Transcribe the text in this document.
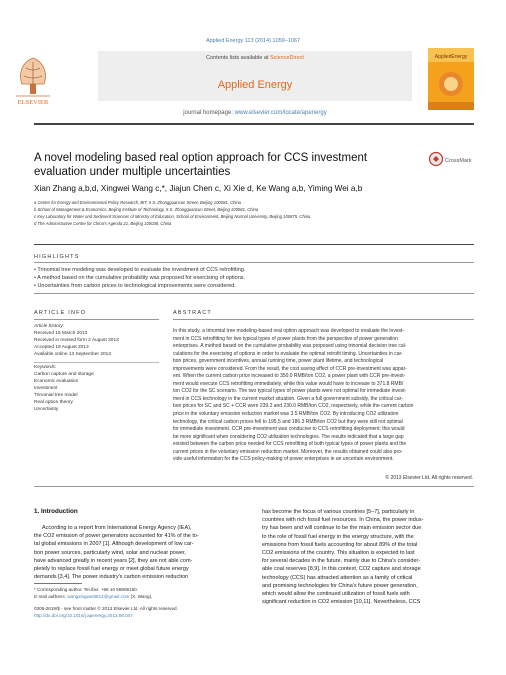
Applied Energy 113 (2014) 1059–1067
ELSEVIER
Contents lists available at ScienceDirect
Applied Energy
AppliedEnergy
journal homepage: www.elsevier.com/locate/apenergy
A novel modeling based real option approach for CCS investment
evaluation under multiple uncertainties
CrossMark
Xian Zhang a,b,d, Xingwei Wang c,*, Jiajun Chen c, Xi Xie d, Ke Wang a,b, Yiming Wei a,b
a Center for Energy and Environmental Policy Research, BIT, 5 S. Zhongguancun Street, Beijing 100081, China
b School of Management & Economics, Beijing Institute of Technology, 5 S. Zhongguancun Street, Beijing 100081, China
c Key Laboratory for Water and Sediment Sciences of Ministry of Education, School of Environment, Beijing Normal University, Beijing 100875, China
d The Administrative Centre for China's Agenda 21, Beijing 100038, China
HIGHLIGHTS
• Trinomial tree modeling was developed to evaluate the investment of CCS retrofitting.
• A method based on the cumulative probability was proposed for exercising of options.
• Uncertainties from carbon prices to technological improvements were considered.
ARTICLE INFO
Article history:
Received 15 March 2013
Received in revised form 2 August 2013
Accepted 19 August 2013
Available online 13 September 2013
Keywords:
Carbon capture and storage
Economic evaluation
Investment
Trinomial tree model
Real option theory
Uncertainty
ABSTRACT
In this study, a trinomial tree modeling-based real option approach was developed to evaluate the invest-
ment in CCS retrofitting for two typical types of power plants from the perspective of power generation
enterprises. A method based on the cumulative probability was proposed using trinomial decision tree cal-
culations for the exercising of options in order to evaluate the optimal retrofit timing. Uncertainties in car-
bon prices, government incentives, annual running time, power plant lifetime, and technological
improvements were considered. From the result, the cost saving effect of CCR pre-investment was appar-
ent. When the current carbon price increased to 350.0 RMB/ton CO2, a power plant with CCR pre-invest-
ment would execute CCS retrofitting immediately, while this value would have to increase to 371.8 RMB/
ton CO2 for the SC scenario. The two typical types of power plants were not optimal for immediate invest-
ment in CCS technology in the current market situation. Given a full government subsidy, the critical car-
bon prices for SC and SC + CCR were 239.2 and 230.0 RMB/ton CO2, respectively, while the current carbon
price in the voluntary emission reduction market was 3.5 RMB/ton CO2. By introducing CO2 utilization
technology, the critical carbon prices fell to 195.5 and 186.3 RMB/ton CO2 but they were still not optimal
for immediate investment. CCR pre-investment was conducive to CCS retrofitting deployment; this would
be more significant when considering CO2 utilization technologies. The results indicated that a large gap
existed between the carbon price needed for CCS retrofitting of both typical types of power plants and the
current prices in the voluntary emission reduction market. Moreover, the results obtained could also pro-
vide useful information for the CCS policy-making of power enterprises in an uncertain environment.
© 2013 Elsevier Ltd. All rights reserved.
1. Introduction
According to a report from International Energy Agency (IEA),
the CO2 emission of power generators accounted for 41% of the to-
tal global emissions in 2007 [1]. Although development of low car-
bon power sources, particularly wind, solar and nuclear power,
have advanced greatly in recent years [2], they are not able com-
pletely to replace fossil fuel energy or meet global future energy
demands [3,4]. The power industry's carbon emission reduction
has become the focus of various countries [5–7], particularly in
countries with rich fossil fuel resources. In China, the power indus-
try has been and will continue to be the main emission sector due
to the role of fossil fuel energy in the energy structure, with the
emissions from fossil fuels accounting for about 89% of the total
CO2 emissions of the country. This situation is expected to last
for several decades in the future, mainly due to China's consider-
able coal reserves [8,9]. In this context, CO2 capture and storage
technology (CCS) has attracted attention as a family of critical
and promising technologies for China's future power generation,
which would allow the continued utilization of fossil fuels with
significant reduction in CO2 emission [10,11]. Nevertheless, CCS
* Corresponding author. Tel./fax: +86 10 58808150.
E-mail address: wangxingwei0812@gmail.com (X. Wang).
0306-2619/$ - see front matter © 2013 Elsevier Ltd. All rights reserved.
http://dx.doi.org/10.1016/j.apenergy.2013.08.047
